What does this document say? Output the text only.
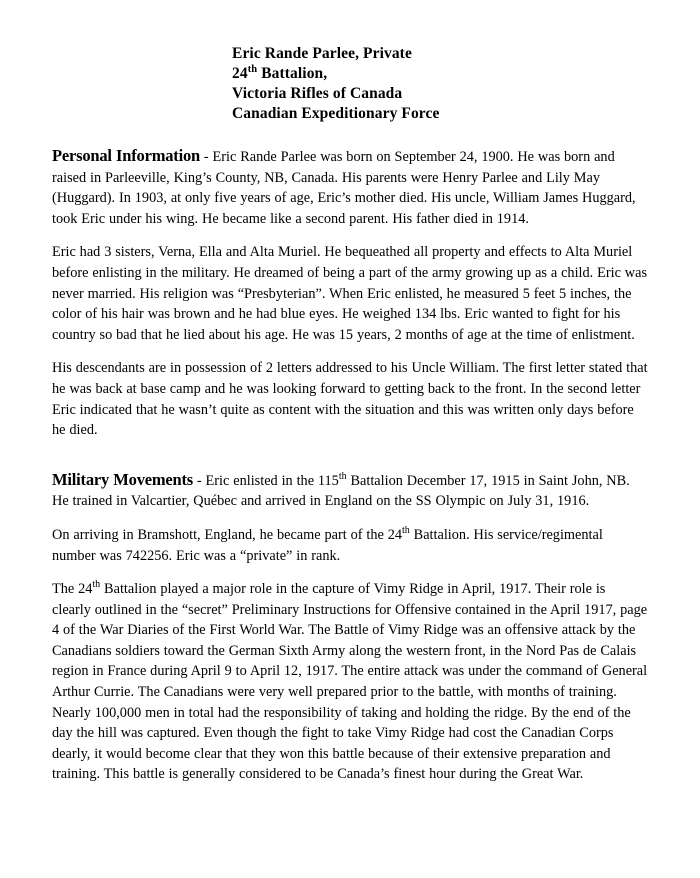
Eric Rande Parlee, Private
24th Battalion,
Victoria Rifles of Canada
Canadian Expeditionary Force

Personal Information - Eric Rande Parlee was born on September 24, 1900. He was born and raised in Parleeville, King’s County, NB, Canada. His parents were Henry Parlee and Lily May (Huggard). In 1903, at only five years of age, Eric’s mother died. His uncle, William James Huggard, took Eric under his wing. He became like a second parent. His father died in 1914.

Eric had 3 sisters, Verna, Ella and Alta Muriel. He bequeathed all property and effects to Alta Muriel before enlisting in the military. He dreamed of being a part of the army growing up as a child. Eric was never married. His religion was “Presbyterian”. When Eric enlisted, he measured 5 feet 5 inches, the color of his hair was brown and he had blue eyes. He weighed 134 lbs. Eric wanted to fight for his country so bad that he lied about his age. He was 15 years, 2 months of age at the time of enlistment.

His descendants are in possession of 2 letters addressed to his Uncle William. The first letter stated that he was back at base camp and he was looking forward to getting back to the front. In the second letter Eric indicated that he wasn’t quite as content with the situation and this was written only days before he died.

Military Movements - Eric enlisted in the 115th Battalion December 17, 1915 in Saint John, NB. He trained in Valcartier, Québec and arrived in England on the SS Olympic on July 31, 1916.

On arriving in Bramshott, England, he became part of the 24th Battalion. His service/regimental number was 742256. Eric was a “private” in rank.

The 24th Battalion played a major role in the capture of Vimy Ridge in April, 1917. Their role is clearly outlined in the “secret” Preliminary Instructions for Offensive contained in the April 1917, page 4 of the War Diaries of the First World War. The Battle of Vimy Ridge was an offensive attack by the Canadians soldiers toward the German Sixth Army along the western front, in the Nord Pas de Calais region in France during April 9 to April 12, 1917. The entire attack was under the command of General Arthur Currie. The Canadians were very well prepared prior to the battle, with months of training. Nearly 100,000 men in total had the responsibility of taking and holding the ridge. By the end of the day the hill was captured. Even though the fight to take Vimy Ridge had cost the Canadian Corps dearly, it would become clear that they won this battle because of their extensive preparation and training. This battle is generally considered to be Canada’s finest hour during the Great War.
